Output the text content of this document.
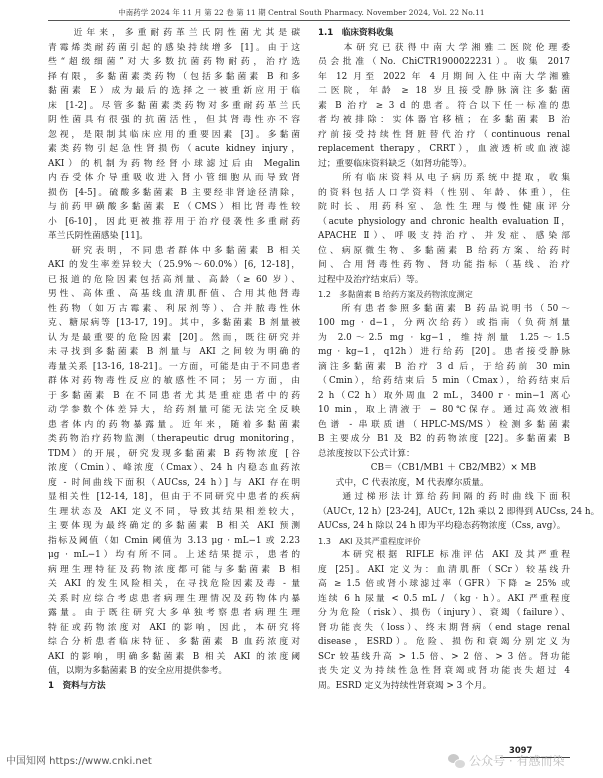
中南药学 2024 年 11 月 第 22 卷 第 11 期 Central South Pharmacy. November 2024, Vol. 22 No.11
　　近年来，多重耐药革兰氏阴性菌尤其是碳
青霉烯类耐药菌引起的感染持续增多 [1]。由于这
些“超级细菌”对大多数抗菌药物耐药，治疗选
择有限，多黏菌素类药物（包括多黏菌素 B 和多
黏菌素 E）成为最后的选择之一被重新应用于临
床 [1-2]。尽管多黏菌素类药物对多重耐药革兰氏
阴性菌具有很强的抗菌活性，但其肾毒性亦不容
忽视，是限制其临床应用的重要因素 [3]。多黏菌
素类药物引起急性肾损伤（acute kidney injury，
AKI）的机制为药物经肾小球滤过后由 Megalin
内吞受体介导重吸收进入肾小管细胞从而导致肾
损伤 [4-5]。硫酸多黏菌素 B 主要经非肾途径清除，
与前药甲磺酸多黏菌素 E（CMS）相比肾毒性较
小 [6-10]，因此更被推荐用于治疗侵袭性多重耐药
革兰氏阴性菌感染 [11]。
　　研究表明，不同患者群体中多黏菌素 B 相关
AKI 的发生率差异较大（25.9%～60.0%）[6, 12-18]，
已报道的危险因素包括高剂量、高龄（≥ 60 岁）、
男性、高体重、高基线血清肌酐值、合用其他肾毒
性药物（如万古霉素、利尿剂等）、合并脓毒性休
克、糖尿病等 [13-17, 19]。其中，多黏菌素 B 剂量被
认为是最重要的危险因素 [20]。然而，既往研究并
未寻找到多黏菌素 B 剂量与 AKI 之间较为明确的
毒量关系 [13-16, 18-21]。一方面，可能是由于不同患者
群体对药物毒性反应的敏感性不同；另一方面，由
于多黏菌素 B 在不同患者尤其是重症患者中的药
动学参数个体差异大，给药剂量可能无法完全反映
患者体内的药物暴露量。近年来，随着多黏菌素
类药物治疗药物监测（therapeutic drug monitoring，
TDM）的开展，研究发现多黏菌素 B 药物浓度 [谷
浓度（Cmin）、峰浓度（Cmax）、24 h 内稳态血药浓
度 - 时间曲线下面积（AUCss, 24 h）] 与 AKI 存在明
显相关性 [12-14, 18]，但由于不同研究中患者的疾病
生理状态及 AKI 定义不同，导致其结果相差较大，
主要体现为最终确定的多黏菌素 B 相关 AKI 预测
指标及阈值（如 Cmin 阈值为 3.13 μg · mL−1 或 2.23
μg · mL−1）均有所不同。上述结果提示，患者的
病理生理特征及药物浓度都可能与多黏菌素 B 相
关 AKI 的发生风险相关，在寻找危险因素及毒 - 量
关系时应综合考虑患者病理生理情况及药物体内暴
露量。由于既往研究大多单独考察患者病理生理
特征或药物浓度对 AKI 的影响，因此，本研究将
综合分析患者临床特征、多黏菌素 B 血药浓度对
AKI 的影响，明确多黏菌素 B 相关 AKI 的浓度阈
值，以期为多黏菌素 B 的安全应用提供参考。
1　资料与方法
1.1　临床资料收集
　　本研究已获得中南大学湘雅二医院伦理委
员会批准（No. ChiCTR1900022231）。收集 2017
年 12 月至 2022 年 4 月期间入住中南大学湘雅
二医院，年龄 ≥ 18 岁且接受静脉滴注多黏菌
素 B 治疗 ≥ 3 d 的患者。符合以下任一标准的患
者均被排除：实体器官移植；在多黏菌素 B 治
疗前接受持续性肾脏替代治疗（continuous renal
replacement therapy，CRRT），血液透析或血液滤
过；重要临床资料缺乏（如肾功能等）。
　　所有临床资料从电子病历系统中提取，收集
的资料包括人口学资料（性别、年龄、体重），住
院时长、用药科室、急性生理与慢性健康评分
（acute physiology and chronic health evaluation Ⅱ，
APACHE Ⅱ）、呼吸支持治疗、并发症、感染部
位、病原微生物、多黏菌素 B 给药方案、给药时
间、合用肾毒性药物、肾功能指标（基线、治疗
过程中及治疗结束后）等。
1.2　多黏菌素 B 给药方案及药物浓度测定
　　所有患者参照多黏菌素 B 药品说明书（50～
100 mg · d−1，分两次给药）或指南（负荷剂量
为 2.0～2.5 mg · kg−1，维持剂量 1.25～1.5
mg · kg−1，q12h）进行给药 [20]。患者接受静脉
滴注多黏菌素 B 治疗 3 d 后，于给药前 30 min
（Cmin），给药结束后 5 min（Cmax），给药结束后
2 h（C2 h）取外周血 2 mL，3400 r · min−1 离心
10 min，取上清液于 − 80℃保存。通过高效液相
色谱 - 串联质谱（HPLC-MS/MS）检测多黏菌素
B 主要成分 B1 及 B2 的药物浓度 [22]。多黏菌素 B
总浓度按以下公式计算：
　　　　　　CB＝（CB1/MB1 ＋ CB2/MB2）× MB
　　式中，C 代表浓度，M 代表摩尔质量。
　　通过梯形法计算给药间隔的药时曲线下面积
（AUCτ, 12 h）[23-24]，AUCτ, 12h 乘以 2 即得到 AUCss, 24 h。
AUCss, 24 h 除以 24 h 即为平均稳态药物浓度（Css, avg）。
1.3　AKI 及其严重程度评价
　　本研究根据 RIFLE 标准评估 AKI 及其严重程
度 [25]。AKI 定义为：血清肌酐（SCr）较基线升
高 ≥ 1.5 倍或肾小球滤过率（GFR）下降 ≥ 25% 或
连续 6 h 尿量 < 0.5 mL / （kg · h）。AKI 严重程度
分为危险（risk）、损伤（injury）、衰竭（failure）、
肾功能丧失（loss）、终末期肾病（end stage renal
disease，ESRD）。危险、损伤和衰竭分别定义为
SCr 较基线升高 > 1.5 倍、> 2 倍、> 3 倍。肾功能
丧失定义为持续性急性肾衰竭或肾功能丧失超过 4
周。ESRD 定义为持续性肾衰竭 > 3 个月。
中国知网 https://www.cnki.net
3097
公众号 · 有感而染
